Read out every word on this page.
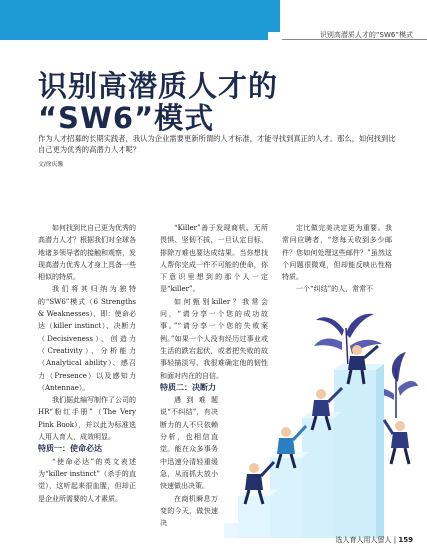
识别高潜质人才的“SW6”模式
识别高潜质人才的
“SW6”模式
作为人才招募的长期实践者，我认为企业需要更新所谓的人才标准，才能寻找到真正的人才。那么，如何找到比自己更为优秀的高潜力人才呢？
文/徐庆馨

如何找到比自己更为优秀的高潜力人才？根据我们对全球各地诸多领导者的接触和观察，发现高潜力优秀人才身上具备一些相似的特质。

我们将其归纳为独特的“SW6”模式（6 Strengths & Weaknesses），即：使命必达（killer instinct）、决断力（Decisiveness）、创造力（Creativity）、分析能力（Analytical ability）、感召力（Presence）以及感知力（Antennae）。

我们据此编写制作了公司的HR“粉红手册”（The Very Pink Book），并以此为标准选人用人育人，成效明显。

特质一：使命必达

“使命必达”的英文表述为“killer instinct”（杀手的直觉），这听起来很血腥，但却正是企业所需要的人才素质。

“Killer”善于发现商机、无所畏惧、坚韧不拔，一旦认定目标，排除万难也要达成结果。当你想找人帮你完成一件不可能的使命，你下意识里想到的那个人一定是“killer”。

如何甄别killer？我常会问，“请分享一个您的成功故事。”“请分享一个您的失败案例。”如果一个人没有经历过事业或生活的跌宕起伏，或者把失败的故事轻描淡写，我很难确定他的韧性和面对内在的自信。

特质二：决断力

遇到难题说“不纠结”，有决断力的人不只依赖分析，也相信直觉。能在众多事务中迅速分清轻重缓急，从而抓大放小快速做出决策。

在商机瞬息万变的今天，做快速决

定比做完美决定更为重要。我常问应聘者，“您每天收到多少邮件？您如何处理这些邮件？”虽然这个问题很微观，但却能反映出性格特质。

一个“纠结”的人，常常不

选人育人用人留人 | 159
